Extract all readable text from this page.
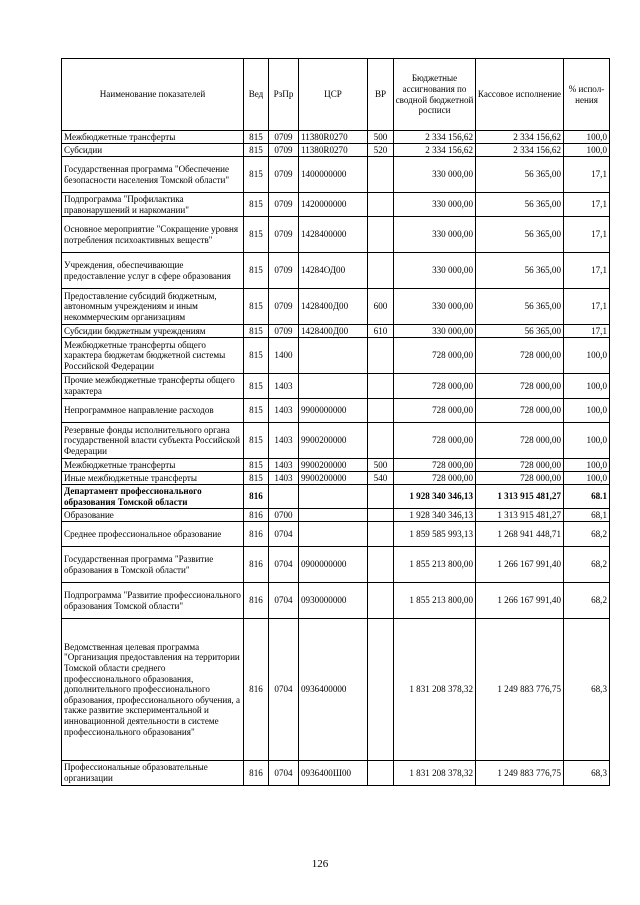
Наименование показателей	Вед	РзПр	ЦСР	ВР	Бюджетные ассигнования по сводной бюджетной росписи	Кассовое исполнение	% испол-нения
Межбюджетные трансферты	815	0709	11380R0270	500	2 334 156,62	2 334 156,62	100,0
Субсидии	815	0709	11380R0270	520	2 334 156,62	2 334 156,62	100,0
Государственная программа "Обеспечение безопасности населения Томской области"	815	0709	1400000000		330 000,00	56 365,00	17,1
Подпрограмма "Профилактика правонарушений и наркомании"	815	0709	1420000000		330 000,00	56 365,00	17,1
Основное мероприятие "Сокращение уровня потребления психоактивных веществ"	815	0709	1428400000		330 000,00	56 365,00	17,1
Учреждения, обеспечивающие предоставление услуг в сфере образования	815	0709	14284ОД00		330 000,00	56 365,00	17,1
Предоставление субсидий бюджетным, автономным учреждениям и иным некоммерческим организациям	815	0709	1428400Д00	600	330 000,00	56 365,00	17,1
Субсидии бюджетным учреждениям	815	0709	1428400Д00	610	330 000,00	56 365,00	17,1
Межбюджетные трансферты общего характера бюджетам бюджетной системы Российской Федерации	815	1400			728 000,00	728 000,00	100,0
Прочие межбюджетные трансферты общего характера	815	1403			728 000,00	728 000,00	100,0
Непрограммное направление расходов	815	1403	9900000000		728 000,00	728 000,00	100,0
Резервные фонды исполнительного органа государственной власти субъекта Российской Федерации	815	1403	9900200000		728 000,00	728 000,00	100,0
Межбюджетные трансферты	815	1403	9900200000	500	728 000,00	728 000,00	100,0
Иные межбюджетные трансферты	815	1403	9900200000	540	728 000,00	728 000,00	100,0
Департамент профессионального образования Томской области	816				1 928 340 346,13	1 313 915 481,27	68.1
Образование	816	0700			1 928 340 346,13	1 313 915 481,27	68,1
Среднее профессиональное образование	816	0704			1 859 585 993,13	1 268 941 448,71	68,2
Государственная программа "Развитие образования в Томской области"	816	0704	0900000000		1 855 213 800,00	1 266 167 991,40	68,2
Подпрограмма "Развитие профессионального образования Томской области"	816	0704	0930000000		1 855 213 800,00	1 266 167 991,40	68,2
Ведомственная целевая программа "Организация предоставления на территории Томской области среднего профессионального образования, дополнительного профессионального образования, профессионального обучения, а также развитие экспериментальной и инновационной деятельности в системе профессионального образования"	816	0704	0936400000		1 831 208 378,32	1 249 883 776,75	68,3
Профессиональные образовательные организации	816	0704	0936400Ш00		1 831 208 378,32	1 249 883 776,75	68,3
126
